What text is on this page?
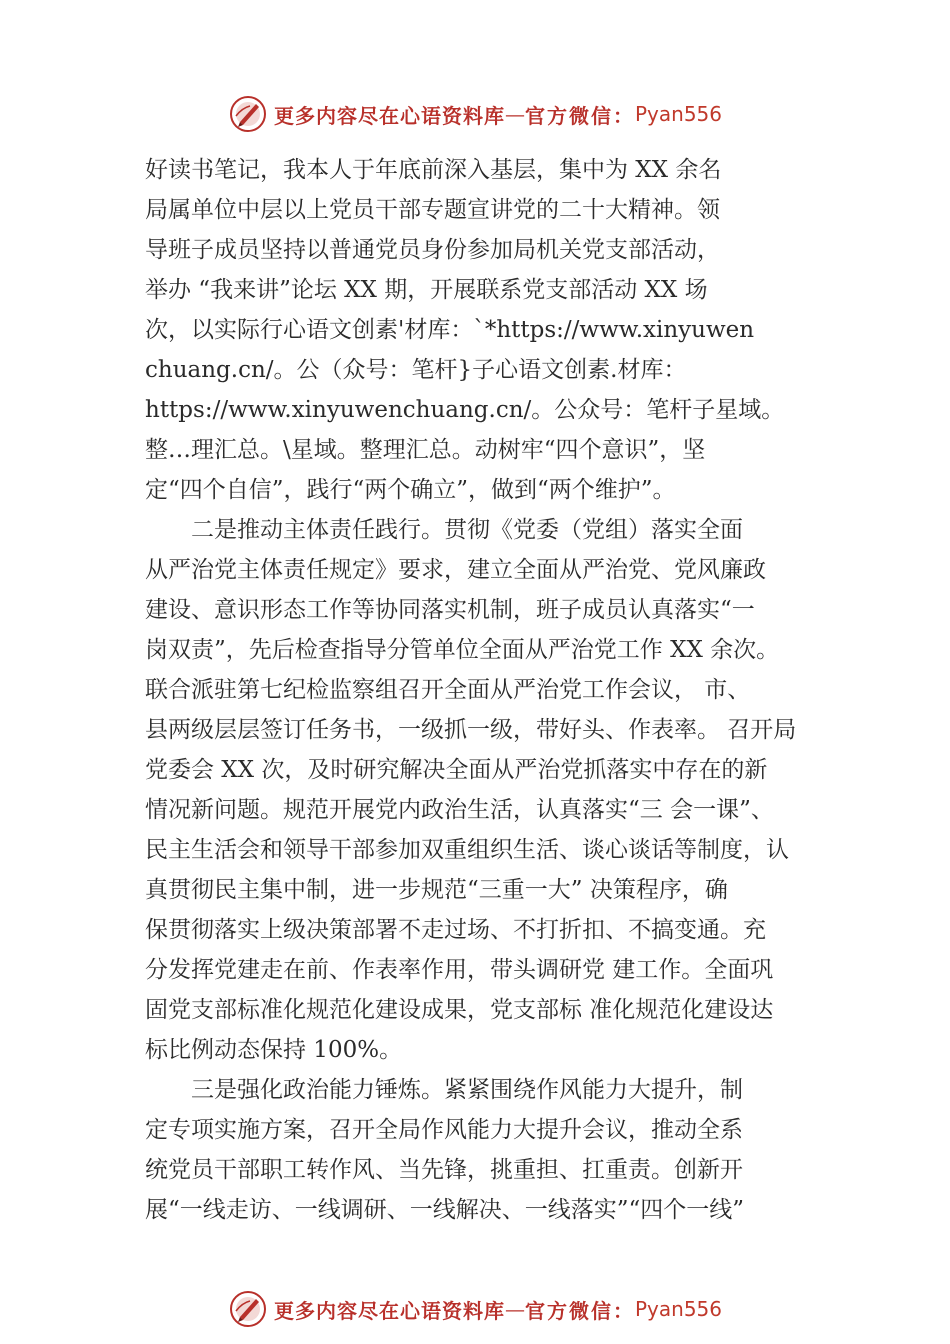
更多内容尽在心语资料库 — 官方微信： Pyan556
好读书笔记，我本人于年底前深入基层，集中为 XX 余名
局属单位中层以上党员干部专题宣讲党的二十大精神。领
导班子成员坚持以普通党员身份参加局机关党支部活动，
举办 “我来讲”论坛 XX 期，开展联系党支部活动 XX 场
次，以实际行心语文创素'材库：`*https://www.xinyuwen
chuang.cn/。公（众号：笔杆}子心语文创素.材库：
https://www.xinyuwenchuang.cn/。公众号：笔杆子星域。
整…理汇总。\星域。整理汇总。动树牢“四个意识”，坚
定“四个自信”，践行“两个确立”，做到“两个维护”。
二是推动主体责任践行。贯彻《党委（党组）落实全面
从严治党主体责任规定》要求，建立全面从严治党、党风廉政
建设、意识形态工作等协同落实机制，班子成员认真落实“一
岗双责”，先后检查指导分管单位全面从严治党工作 XX 余次。
联合派驻第七纪检监察组召开全面从严治党工作会议， 市、
县两级层层签订任务书，一级抓一级，带好头、作表率。 召开局
党委会 XX 次，及时研究解决全面从严治党抓落实中存在的新
情况新问题。规范开展党内政治生活，认真落实“三 会一课”、
民主生活会和领导干部参加双重组织生活、谈心谈话等制度，认
真贯彻民主集中制，进一步规范“三重一大” 决策程序，确
保贯彻落实上级决策部署不走过场、不打折扣、不搞变通。充
分发挥党建走在前、作表率作用，带头调研党 建工作。全面巩
固党支部标准化规范化建设成果，党支部标 准化规范化建设达
标比例动态保持 100%。
三是强化政治能力锤炼。紧紧围绕作风能力大提升，制
定专项实施方案，召开全局作风能力大提升会议，推动全系
统党员干部职工转作风、当先锋，挑重担、扛重责。创新开
展“一线走访、一线调研、一线解决、一线落实”“四个一线”
更多内容尽在心语资料库 — 官方微信： Pyan556
